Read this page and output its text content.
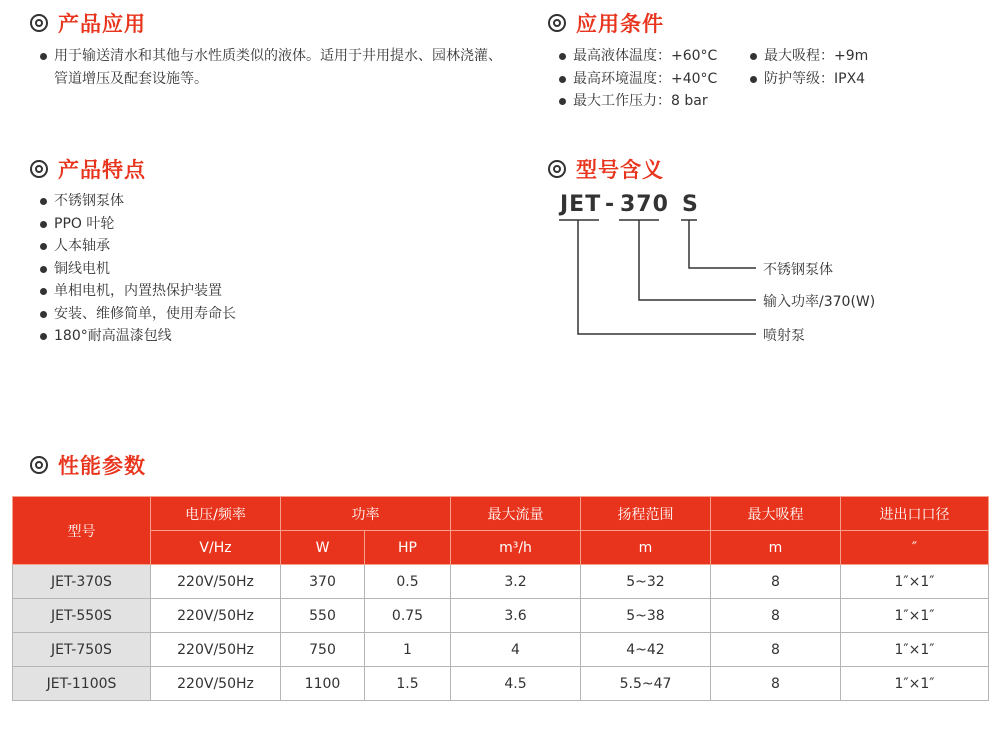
产品应用
用于输送清水和其他与水性质类似的液体。适用于井用提水、园林浇灌、管道增压及配套设施等。
应用条件
最高液体温度：+60°C
最高环境温度：+40°C
最大工作压力：8 bar
最大吸程：+9m
防护等级：IPX4
产品特点
不锈钢泵体
PPO 叶轮
人本轴承
铜线电机
单相电机，内置热保护装置
安装、维修简单，使用寿命长
180°耐高温漆包线
型号含义
JET - 370 S
不锈钢泵体
输入功率/370(W)
喷射泵
性能参数
型号	电压/频率	功率		最大流量	扬程范围	最大吸程	进出口口径
	V/Hz	W	HP	m³/h	m	m	″
JET-370S	220V/50Hz	370	0.5	3.2	5~32	8	1″×1″
JET-550S	220V/50Hz	550	0.75	3.6	5~38	8	1″×1″
JET-750S	220V/50Hz	750	1	4	4~42	8	1″×1″
JET-1100S	220V/50Hz	1100	1.5	4.5	5.5~47	8	1″×1″
